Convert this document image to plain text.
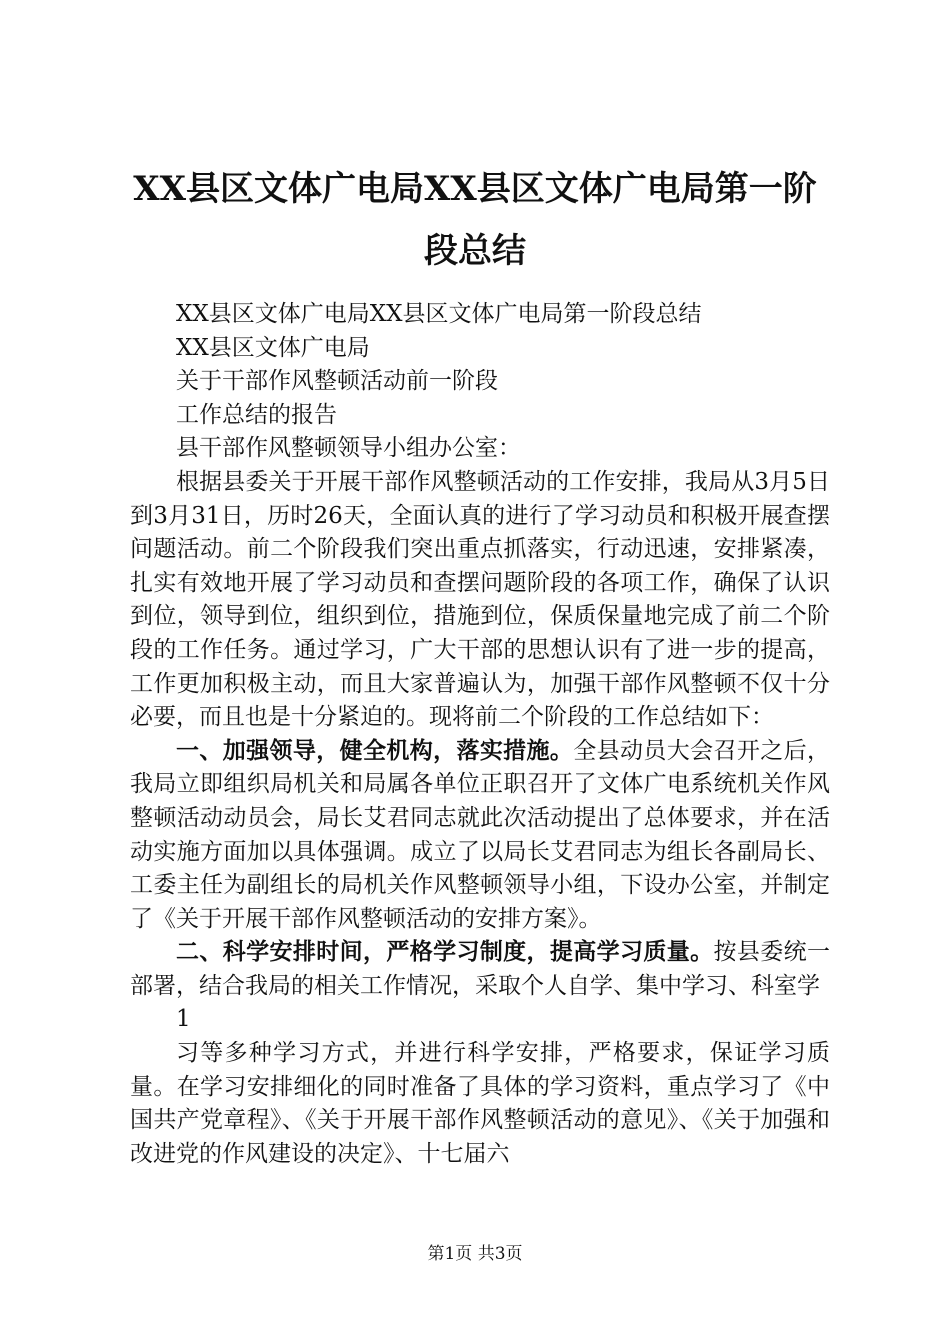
XX县区文体广电局XX县区文体广电局第一阶
段总结

XX县区文体广电局XX县区文体广电局第一阶段总结

XX县区文体广电局

关于干部作风整顿活动前一阶段

工作总结的报告

县干部作风整顿领导小组办公室：

根据县委关于开展干部作风整顿活动的工作安排，我局从3月5日到3月31日，历时26天，全面认真的进行了学习动员和积极开展查摆问题活动。前二个阶段我们突出重点抓落实，行动迅速，安排紧凑，扎实有效地开展了学习动员和查摆问题阶段的各项工作，确保了认识到位，领导到位，组织到位，措施到位，保质保量地完成了前二个阶段的工作任务。通过学习，广大干部的思想认识有了进一步的提高，工作更加积极主动，而且大家普遍认为，加强干部作风整顿不仅十分必要，而且也是十分紧迫的。现将前二个阶段的工作总结如下：

一、加强领导，健全机构，落实措施。全县动员大会召开之后，我局立即组织局机关和局属各单位正职召开了文体广电系统机关作风整顿活动动员会，局长艾君同志就此次活动提出了总体要求，并在活动实施方面加以具体强调。成立了以局长艾君同志为组长各副局长、工委主任为副组长的局机关作风整顿领导小组，下设办公室，并制定了《关于开展干部作风整顿活动的安排方案》。

二、科学安排时间，严格学习制度，提高学习质量。按县委统一部署，结合我局的相关工作情况，采取个人自学、集中学习、科室学

1

习等多种学习方式，并进行科学安排，严格要求，保证学习质量。在学习安排细化的同时准备了具体的学习资料，重点学习了《中国共产党章程》、《关于开展干部作风整顿活动的意见》、《关于加强和改进党的作风建设的决定》、十七届六

第1页 共3页
